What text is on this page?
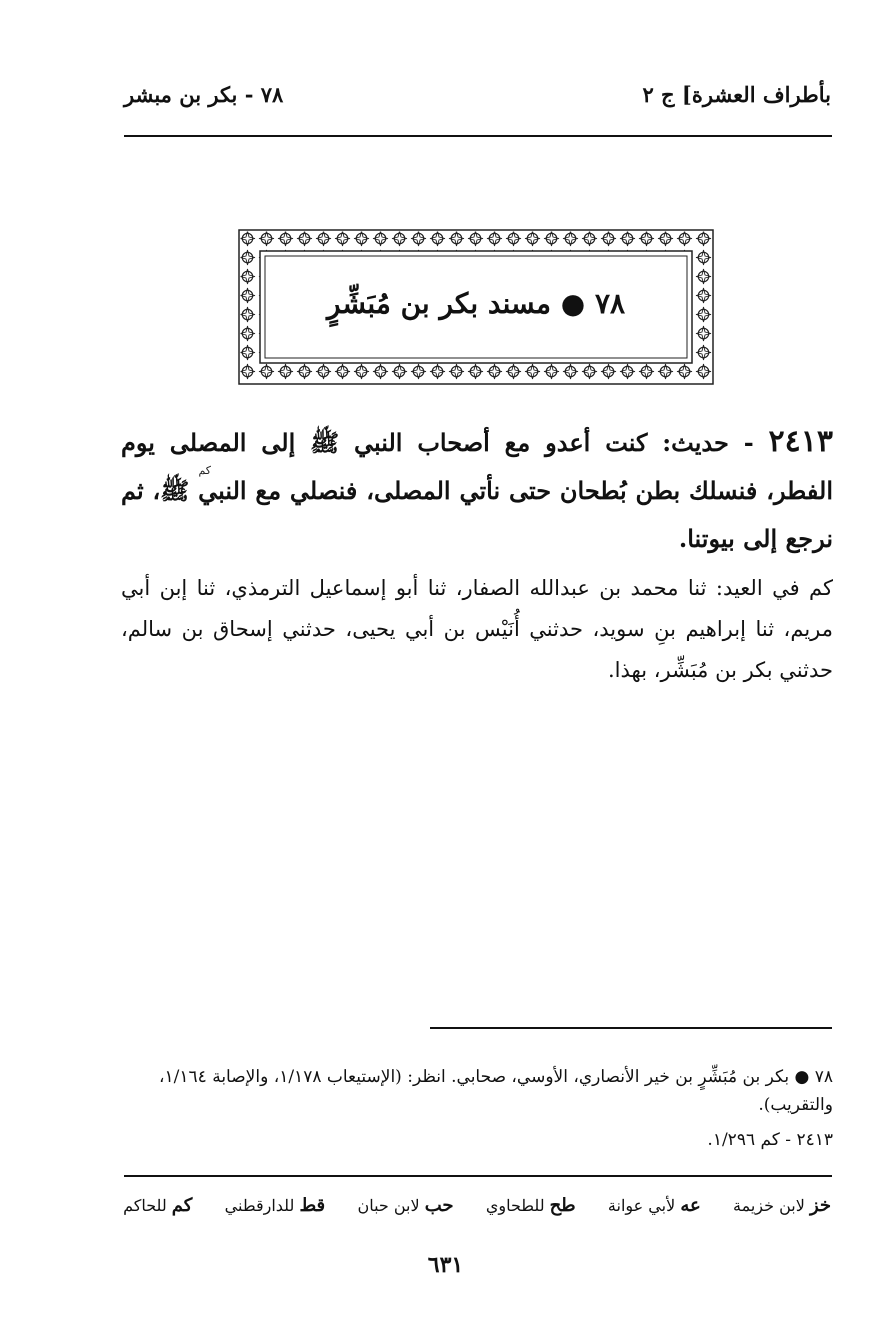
بأطراف العشرة] ج ٢
٧٨ - بكر بن مبشر
٧٨ ● مسند بكر بن مُبَشِّرٍ
٢٤١٣ - حديث: كنت أعدو مع أصحاب النبي ﷺ إلى المصلى يوم الفطر، فنسلك بطن بُطحان حتى نأتي المصلى، فنصلي مع النبي ﷺ، ثم نرجع إلى بيوتنا.
كم
كم في العيد: ثنا محمد بن عبدالله الصفار، ثنا أبو إسماعيل الترمذي، ثنا إبن أبي مريم، ثنا إبراهيم بنِ سويد، حدثني أُنَيْس بن أبي يحيى، حدثني إسحاق بن سالم، حدثني بكر بن مُبَشِّر، بهذا.
٧٨ ● بكر بن مُبَشِّرٍ بن خير الأنصاري، الأوسي، صحابي. انظر: (الإستيعاب ١/١٧٨، والإصابة ١/١٦٤، والتقريب).
٢٤١٣ - كم ١/٢٩٦.
خز لابن خزيمة
عه لأبي عوانة
طح للطحاوي
حب لابن حبان
قط للدارقطني
كم للحاكم
٦٣١
